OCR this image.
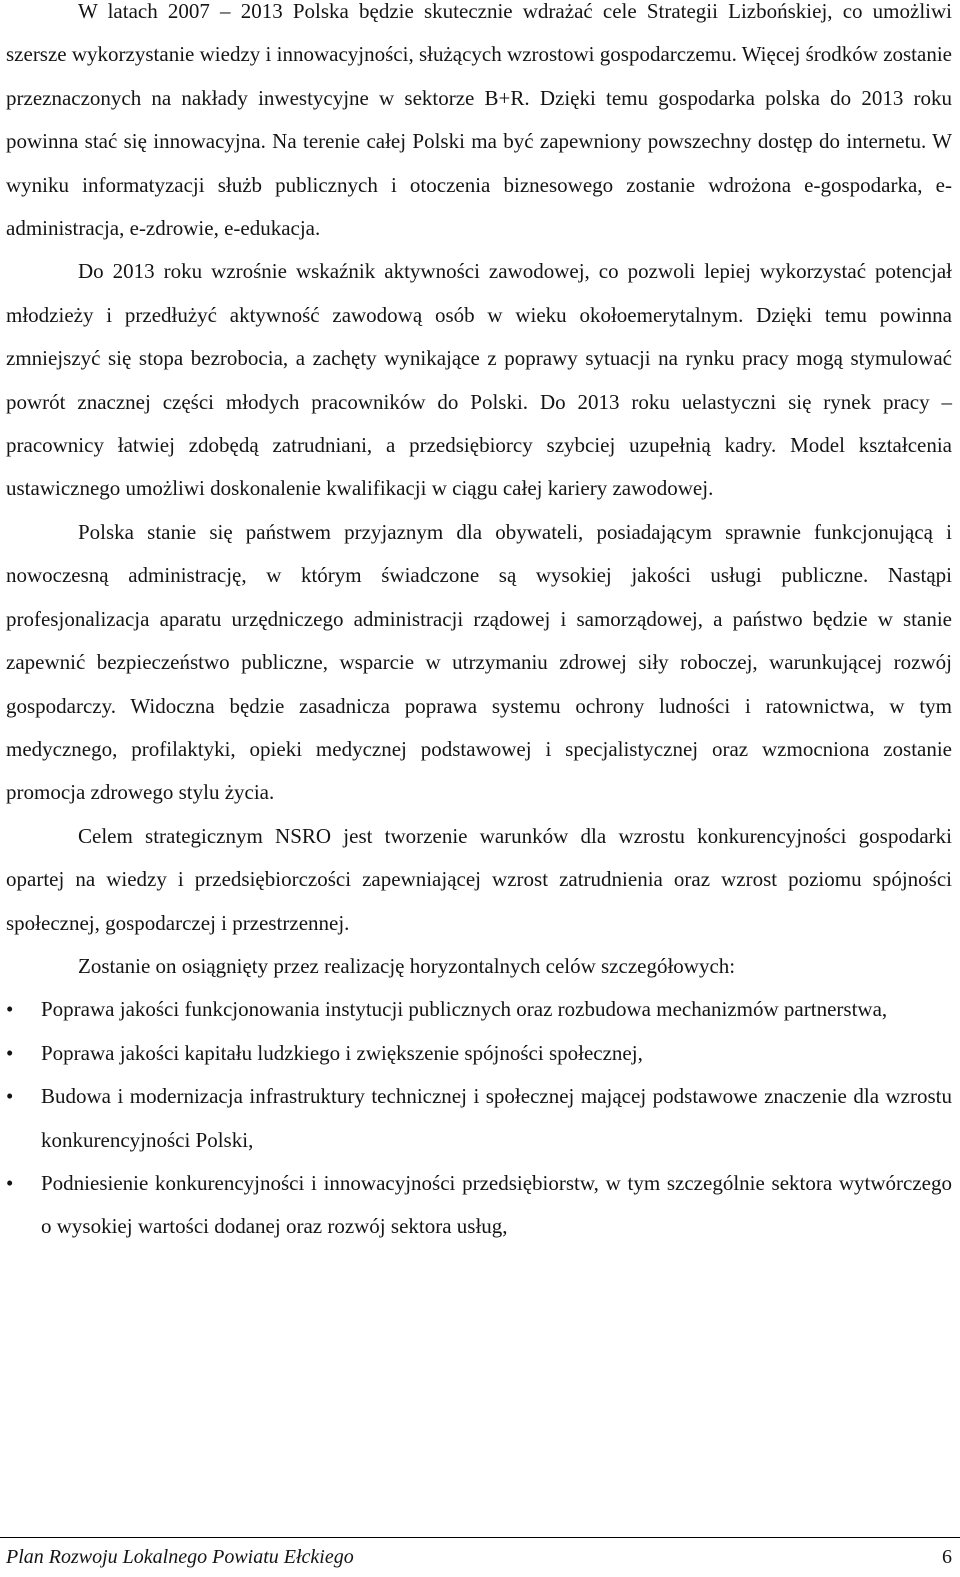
W latach 2007 – 2013 Polska będzie skutecznie wdrażać cele Strategii Lizbońskiej, co umożliwi szersze wykorzystanie wiedzy i innowacyjności, służących wzrostowi gospodarczemu. Więcej środków zostanie przeznaczonych na nakłady inwestycyjne w sektorze B+R. Dzięki temu gospodarka polska do 2013 roku powinna stać się innowacyjna. Na terenie całej Polski ma być zapewniony powszechny dostęp do internetu. W wyniku informatyzacji służb publicznych i otoczenia biznesowego zostanie wdrożona e-gospodarka, e-administracja, e-zdrowie, e-edukacja.

Do 2013 roku wzrośnie wskaźnik aktywności zawodowej, co pozwoli lepiej wykorzystać potencjał młodzieży i przedłużyć aktywność zawodową osób w wieku okołoemerytalnym. Dzięki temu powinna zmniejszyć się stopa bezrobocia, a zachęty wynikające z poprawy sytuacji na rynku pracy mogą stymulować powrót znacznej części młodych pracowników do Polski. Do 2013 roku uelastyczni się rynek pracy – pracownicy łatwiej zdobędą zatrudniani, a przedsiębiorcy szybciej uzupełnią kadry. Model kształcenia ustawicznego umożliwi doskonalenie kwalifikacji w ciągu całej kariery zawodowej.

Polska stanie się państwem przyjaznym dla obywateli, posiadającym sprawnie funkcjonującą i nowoczesną administrację, w którym świadczone są wysokiej jakości usługi publiczne. Nastąpi profesjonalizacja aparatu urzędniczego administracji rządowej i samorządowej, a państwo będzie w stanie zapewnić bezpieczeństwo publiczne, wsparcie w utrzymaniu zdrowej siły roboczej, warunkującej rozwój gospodarczy. Widoczna będzie zasadnicza poprawa systemu ochrony ludności i ratownictwa, w tym medycznego, profilaktyki, opieki medycznej podstawowej i specjalistycznej oraz wzmocniona zostanie promocja zdrowego stylu życia.

Celem strategicznym NSRO jest tworzenie warunków dla wzrostu konkurencyjności gospodarki opartej na wiedzy i przedsiębiorczości zapewniającej wzrost zatrudnienia oraz wzrost poziomu spójności społecznej, gospodarczej i przestrzennej.

Zostanie on osiągnięty przez realizację horyzontalnych celów szczegółowych:

• Poprawa jakości funkcjonowania instytucji publicznych oraz rozbudowa mechanizmów partnerstwa,
• Poprawa jakości kapitału ludzkiego i zwiększenie spójności społecznej,
• Budowa i modernizacja infrastruktury technicznej i społecznej mającej podstawowe znaczenie dla wzrostu konkurencyjności Polski,
• Podniesienie konkurencyjności i innowacyjności przedsiębiorstw, w tym szczególnie sektora wytwórczego o wysokiej wartości dodanej oraz rozwój sektora usług,
Plan Rozwoju Lokalnego Powiatu Ełckiego	6
